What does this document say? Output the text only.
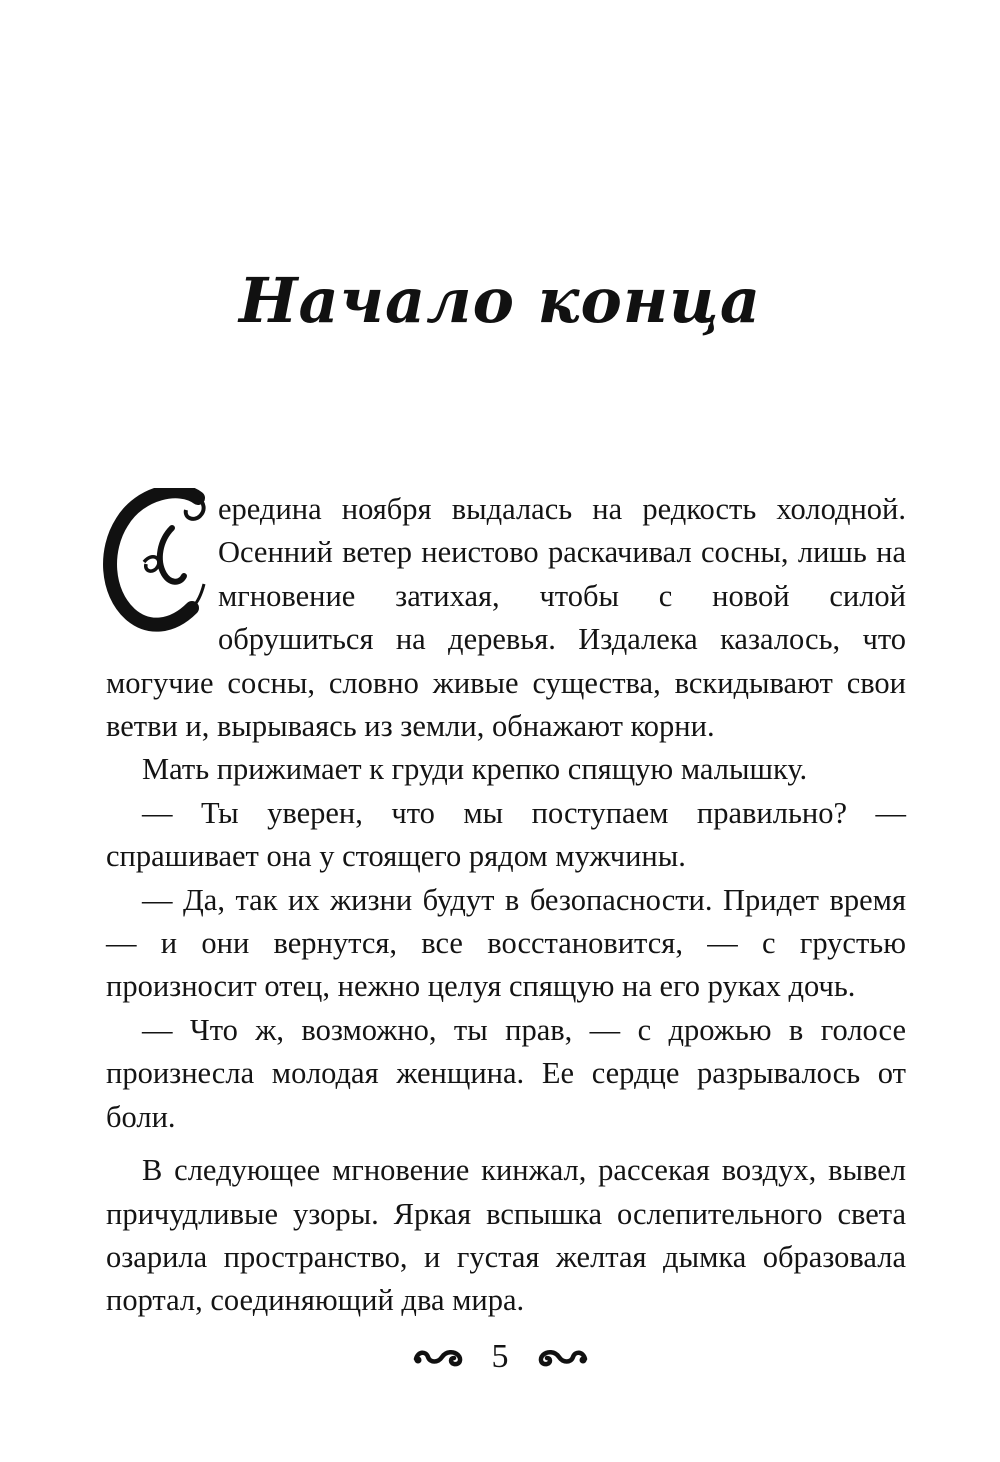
Начало конца

ередина ноября выдалась на редкость холодной. Осенний ветер неистово раскачивал сосны, лишь на мгновение затихая, чтобы с новой силой обрушиться на деревья. Издалека казалось, что могучие сосны, словно живые существа, вскидывают свои ветви и, вырываясь из земли, обнажают корни.

Мать прижимает к груди крепко спящую малышку.

— Ты уверен, что мы поступаем правильно? — спрашивает она у стоящего рядом мужчины.

— Да, так их жизни будут в безопасности. Придет время — и они вернутся, все восстановится, — с грустью произносит отец, нежно целуя спящую на его руках дочь.

— Что ж, возможно, ты прав, — с дрожью в голосе произнесла молодая женщина. Ее сердце разрывалось от боли.

В следующее мгновение кинжал, рассекая воздух, вывел причудливые узоры. Яркая вспышка ослепительного света озарила пространство, и густая желтая дымка образовала портал, соединяющий два мира.

5
